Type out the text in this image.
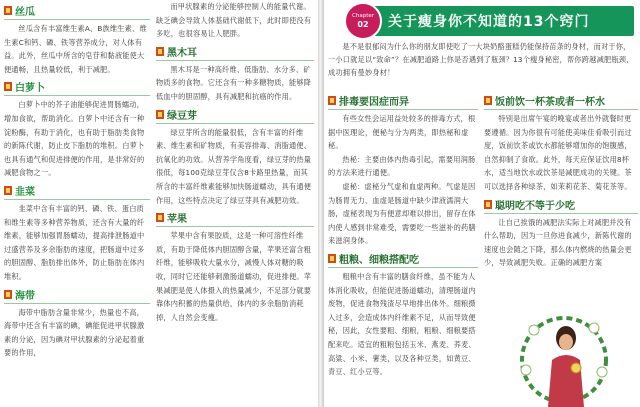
丝瓜

丝瓜含有丰富维生素A、B族维生素、维生素C和钙、磷、铁等营养成分，对人体有益。此外，丝瓜中所含的皂苷和黏液能使大便通畅，且热量较低，利于减肥。

白萝卜

白萝卜中的芥子油能够促进胃肠蠕动，增加食欲，帮助消化。白萝卜中还含有一种淀粉酶，有助于消化，也有助于脂肪类食物的新陈代谢，防止皮下脂肪的堆积。白萝卜也具有通气和促进排便的作用，是非常好的减肥食物之一。

韭菜

韭菜中含有丰富的钙、磷、铁、蛋白质和维生素等多种营养物质，还含有大量的纤维素，能够加强胃肠蠕动，提高排泄肠道中过盛营养及多余脂肪的速度，把肠道中过多的胆固醇、脂肪排出体外，防止脂肪在体内堆积。

海带

海带中脂肪含量非常少，热量也不高，海带中还含有丰富的碘，碘能促进甲状腺激素的分泌，因为碘对甲状腺素的分泌起着重要的作用，

而甲状腺素的分泌能够控制人的能量代谢。缺乏碘会导致人体基础代谢低下，此时即使没有多吃，也很容易让人肥胖。

黑木耳

黑木耳是一种高纤维、低脂肪、水分多、矿物质多的食物。它还含有一种多糖物质，能够降低血中的胆固醇，具有减肥和抗癌的作用。

绿豆芽

绿豆芽所含的能量很低，含有丰富的纤维素、维生素和矿物质，有美容排毒、消脂通便、抗氧化的功效。从营养学角度看，绿豆芽的热量很低，每100克绿豆芽仅含8卡路里热量，而其所含的丰富纤维素能够加快肠道蠕动，具有通便作用，这些特点决定了绿豆芽具有减肥功效。

苹果

苹果中含有果胶质，这是一种可溶性纤维质，有助于降低体内胆固醇含量，苹果还富含粗纤维，能够吸收大量水分，减慢人体对糖的吸收，同时它还能够刺激肠道蠕动，促进排便。苹果减肥是使人体摄入的热量减少，不足部分就要靠体内积蓄的热量供给，体内的多余脂肪消耗掉，人自然会变瘦。

Chapter
02 关于瘦身你不知道的13个窍门

是不是很郁闷为什么你的朋友即使吃了一大块奶酪蛋糕仍能保持苗条的身材，而对于你，一小口就足以“致命”？在减肥道路上你是否遇到了瓶颈？13个瘦身秘密，帮你跨越减肥瓶颈，成功拥有曼妙身材！

排毒要因症而异

有些女性会运用益处较多的排毒方式，根据中医理论，便秘与分为两类，即热秘和虚秘。

热秘：主要由体内热毒引起，需要用润肠的方法来进行通便。

虚秘：虚秘分气虚和血虚两种。气虚是因为肠胃无力、血虚是肠道中缺少津液濡润大肠，虚秘表现为有便意却难以排出，留存在体内使人感到非常难受，需要吃一些滋补的药膳来滋润身体。

粗粮、细粮搭配吃

粗粮中含有丰富的膳食纤维，虽不能为人体消化吸收，但能促进肠道蠕动，清理肠道内废物，促进食物残渣尽早地排出体外。细粮摄入过多，会造成体内纤维素不足，从而导致便秘，因此，女性要粗、细粮，粗粮、细粮要搭配来吃。适宜的粗粮包括玉米、燕麦、荞麦、高粱、小米、薯类，以及各种豆类，如黄豆、青豆、红小豆等。

饭前饮一杯茶或者一杯水

特别是出席午宴的晚宴或者出外就餐时更要遵循。因为你很有可能使美味佳肴吸引而过度，饭前饮茶或饮水都能够增加你的饱腹感，自然抑制了食欲。此外，每天应保证饮用8杯水，适当地饮水或饮茶是减肥成功的关键。茶可以选择各种绿茶，如茉莉花茶、菊花茶等。

聪明吃不等于少吃

让自己挨饿的减肥法实际上对减肥并没有什么帮助，因为一旦你进食减少，新陈代谢的速度也会随之下降，那么体内燃烧的热量会更少，导致减肥失败。正确的减肥方案
